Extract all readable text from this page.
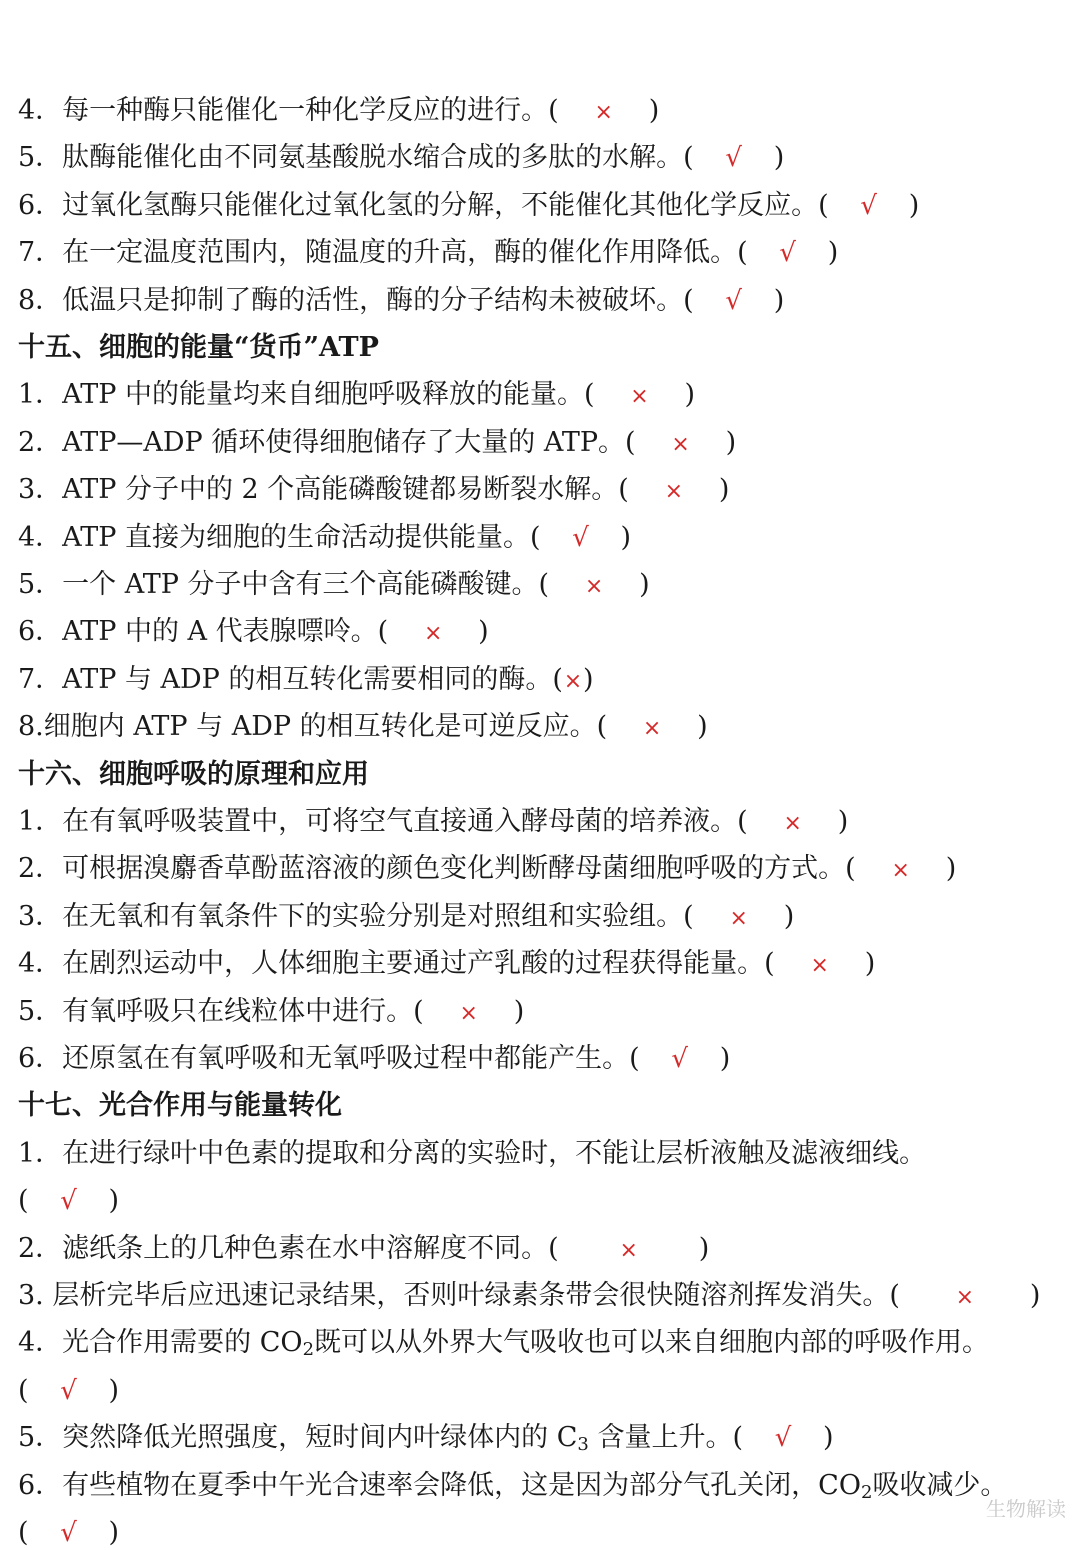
4．每一种酶只能催化一种化学反应的进行。( × )
5．肽酶能催化由不同氨基酸脱水缩合成的多肽的水解。( √ )
6．过氧化氢酶只能催化过氧化氢的分解，不能催化其他化学反应。( √ )
7．在一定温度范围内，随温度的升高，酶的催化作用降低。( √ )
8．低温只是抑制了酶的活性，酶的分子结构未被破坏。( √ )
十五、细胞的能量“货币”ATP
1．ATP 中的能量均来自细胞呼吸释放的能量。( × )
2．ATP—ADP 循环使得细胞储存了大量的 ATP。( × )
3．ATP 分子中的 2 个高能磷酸键都易断裂水解。( × )
4．ATP 直接为细胞的生命活动提供能量。( √ )
5．一个 ATP 分子中含有三个高能磷酸键。( × )
6．ATP 中的 A 代表腺嘌呤。( × )
7．ATP 与 ADP 的相互转化需要相同的酶。(×)
8.细胞内 ATP 与 ADP 的相互转化是可逆反应。( × )
十六、细胞呼吸的原理和应用
1．在有氧呼吸装置中，可将空气直接通入酵母菌的培养液。( × )
2．可根据溴麝香草酚蓝溶液的颜色变化判断酵母菌细胞呼吸的方式。( × )
3．在无氧和有氧条件下的实验分别是对照组和实验组。( × )
4．在剧烈运动中，人体细胞主要通过产乳酸的过程获得能量。( × )
5．有氧呼吸只在线粒体中进行。( × )
6．还原氢在有氧呼吸和无氧呼吸过程中都能产生。( √ )
十七、光合作用与能量转化
1．在进行绿叶中色素的提取和分离的实验时，不能让层析液触及滤液细线。
( √ )
2．滤纸条上的几种色素在水中溶解度不同。(	× )
3. 层析完毕后应迅速记录结果，否则叶绿素条带会很快随溶剂挥发消失。(	× )
4．光合作用需要的 $CO_2$既可以从外界大气吸收也可以来自细胞内部的呼吸作用。
( √ )
5．突然降低光照强度，短时间内叶绿体内的 $C_3$ 含量上升。( √ )
6．有些植物在夏季中午光合速率会降低，这是因为部分气孔关闭，$CO_2$吸收减少。
( √ )
生物解读
